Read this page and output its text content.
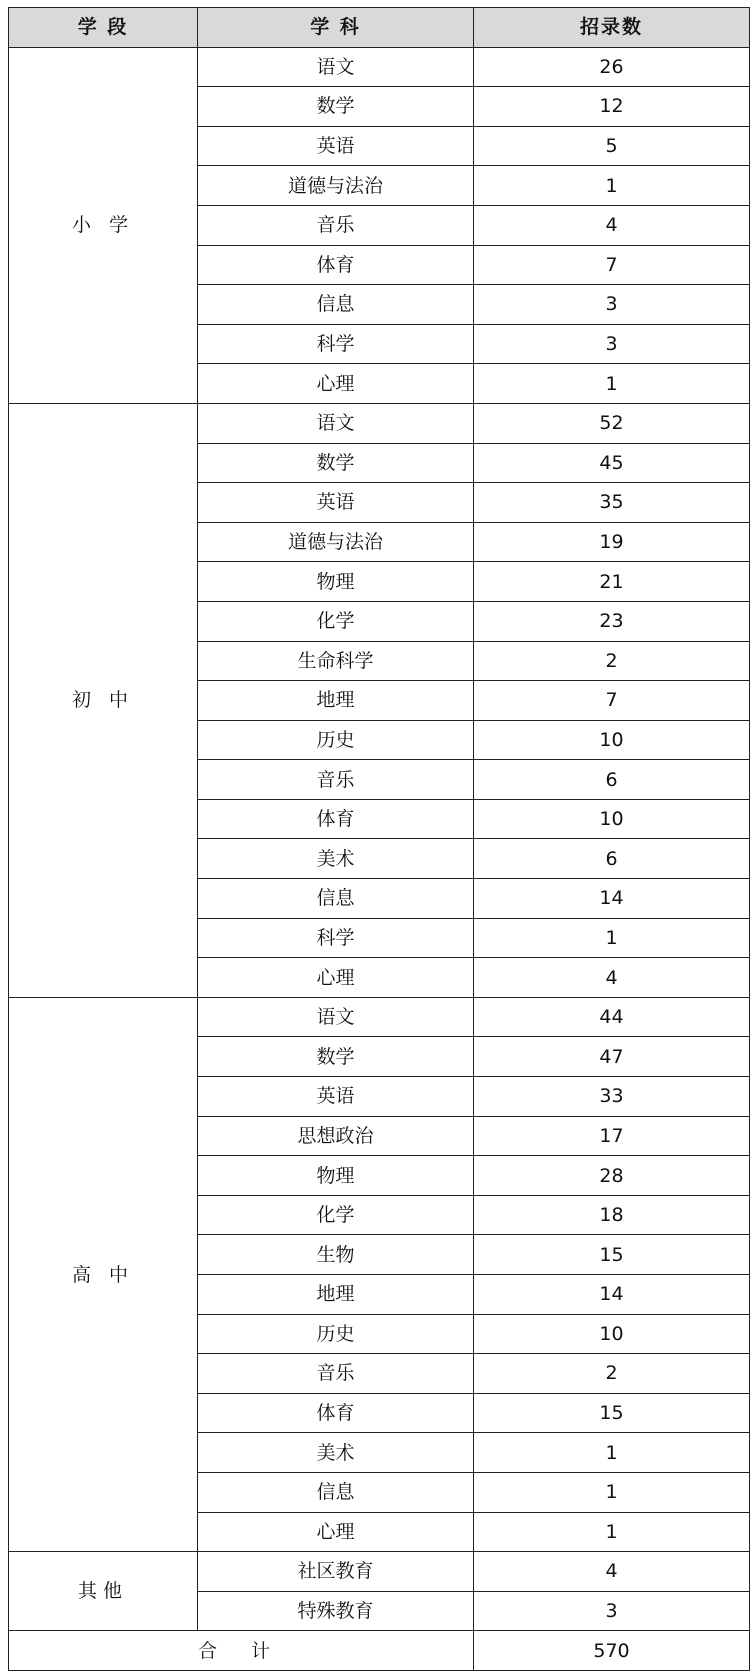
学 段	学 科	招录数
小 学	语文	26
	数学	12
	英语	5
	道德与法治	1
	音乐	4
	体育	7
	信息	3
	科学	3
	心理	1
初 中	语文	52
	数学	45
	英语	35
	道德与法治	19
	物理	21
	化学	23
	生命科学	2
	地理	7
	历史	10
	音乐	6
	体育	10
	美术	6
	信息	14
	科学	1
	心理	4
高 中	语文	44
	数学	47
	英语	33
	思想政治	17
	物理	28
	化学	18
	生物	15
	地理	14
	历史	10
	音乐	2
	体育	15
	美术	1
	信息	1
	心理	1
其他	社区教育	4
	特殊教育	3
合 计		570
